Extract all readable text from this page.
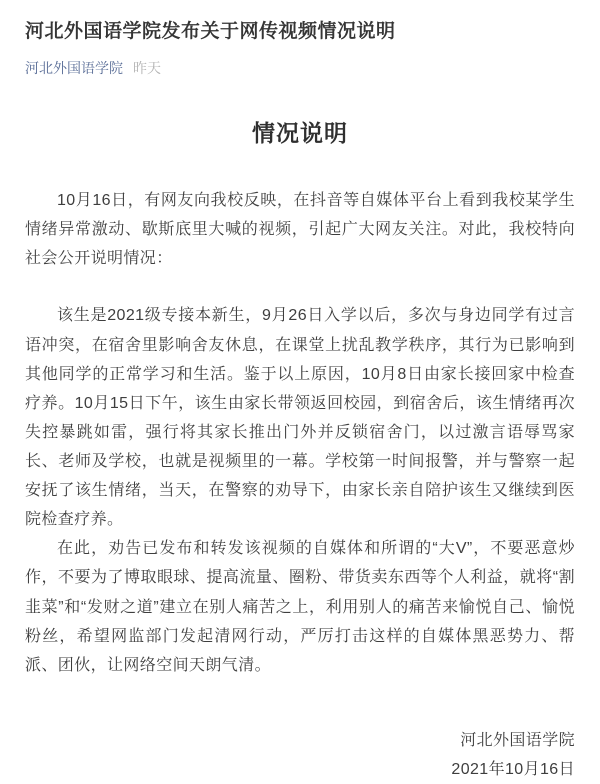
河北外国语学院发布关于网传视频情况说明
河北外国语学院 昨天
情况说明

10月16日，有网友向我校反映，在抖音等自媒体平台上看到我校某学生情绪异常激动、歇斯底里大喊的视频，引起广大网友关注。对此，我校特向社会公开说明情况：

该生是2021级专接本新生，9月26日入学以后，多次与身边同学有过言语冲突，在宿舍里影响舍友休息，在课堂上扰乱教学秩序，其行为已影响到其他同学的正常学习和生活。鉴于以上原因，10月8日由家长接回家中检查疗养。10月15日下午，该生由家长带领返回校园，到宿舍后，该生情绪再次失控暴跳如雷，强行将其家长推出门外并反锁宿舍门，以过激言语辱骂家长、老师及学校，也就是视频里的一幕。学校第一时间报警，并与警察一起安抚了该生情绪，当天，在警察的劝导下，由家长亲自陪护该生又继续到医院检查疗养。

在此，劝告已发布和转发该视频的自媒体和所谓的“大V”，不要恶意炒作，不要为了博取眼球、提高流量、圈粉、带货卖东西等个人利益，就将“割韭菜”和“发财之道”建立在别人痛苦之上，利用别人的痛苦来愉悦自己、愉悦粉丝，希望网监部门发起清网行动，严厉打击这样的自媒体黑恶势力、帮派、团伙，让网络空间天朗气清。

河北外国语学院
2021年10月16日
